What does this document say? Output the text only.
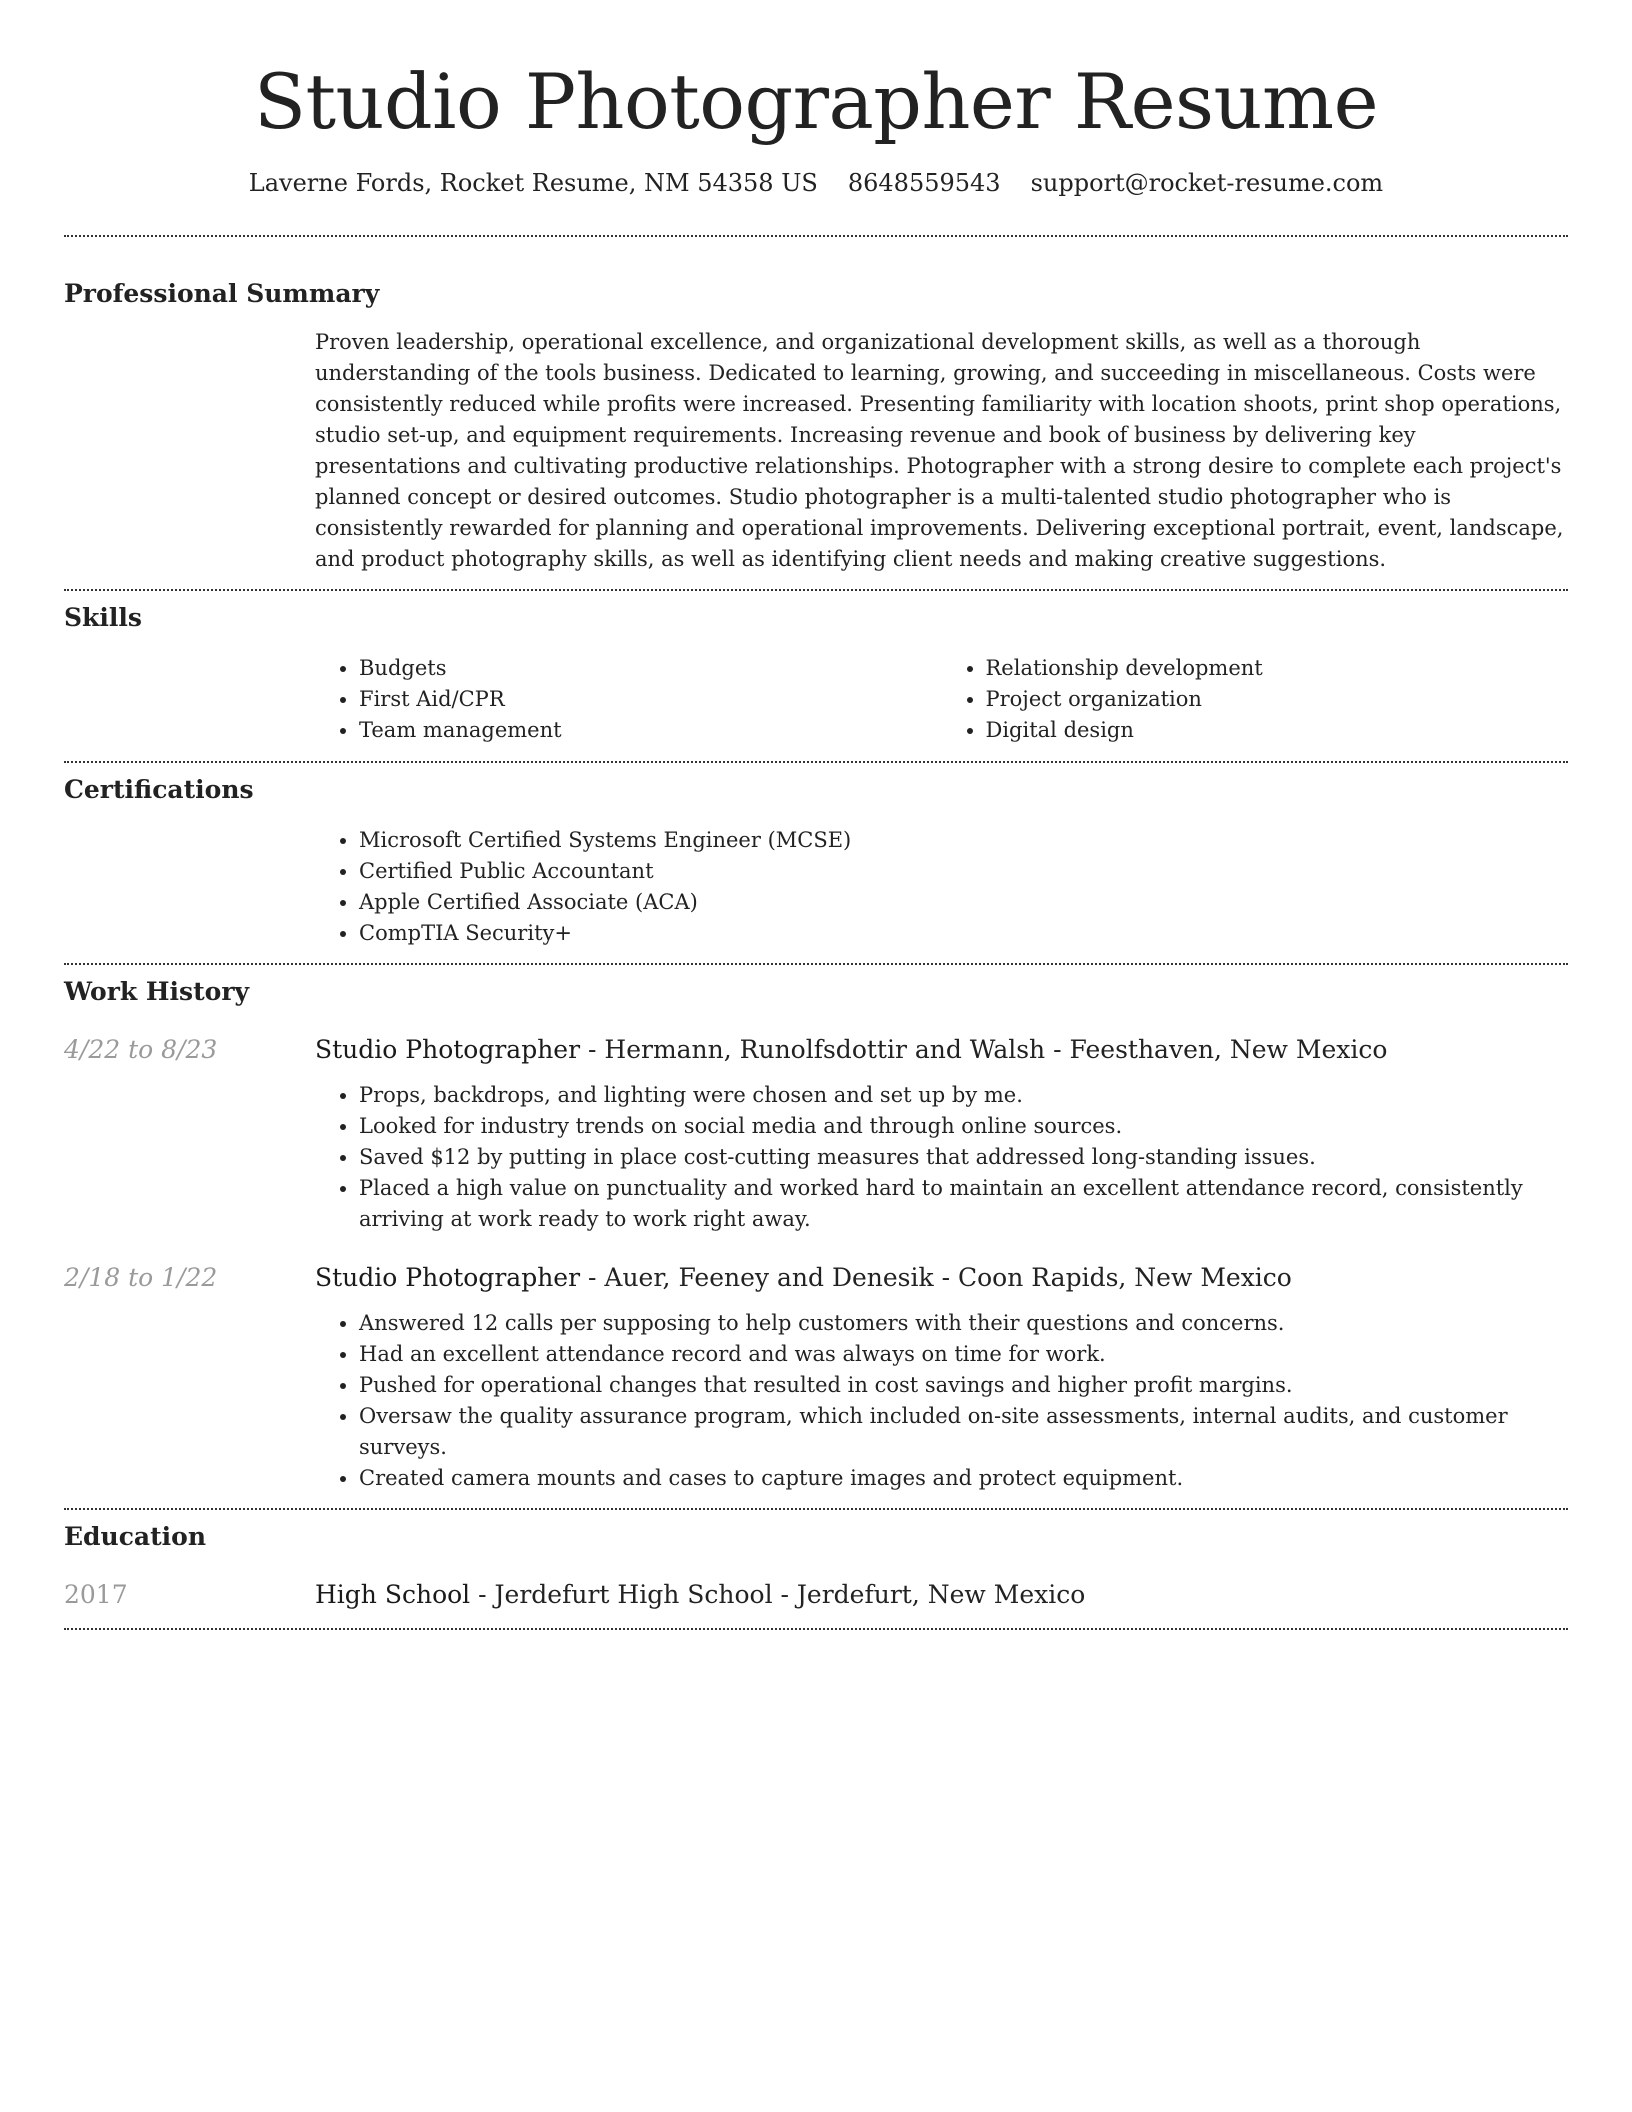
Studio Photographer Resume
Laverne Fords, Rocket Resume, NM 54358 US 8648559543 support@rocket-resume.com
Professional Summary

Proven leadership, operational excellence, and organizational development skills, as well as a thorough understanding of the tools business. Dedicated to learning, growing, and succeeding in miscellaneous. Costs were consistently reduced while profits were increased. Presenting familiarity with location shoots, print shop operations, studio set-up, and equipment requirements. Increasing revenue and book of business by delivering key presentations and cultivating productive relationships. Photographer with a strong desire to complete each project's planned concept or desired outcomes. Studio photographer is a multi-talented studio photographer who is consistently rewarded for planning and operational improvements. Delivering exceptional portrait, event, landscape, and product photography skills, as well as identifying client needs and making creative suggestions.

Skills
• Budgets
• First Aid/CPR
• Team management
• Relationship development
• Project organization
• Digital design
Certifications
• Microsoft Certified Systems Engineer (MCSE)
• Certified Public Accountant
• Apple Certified Associate (ACA)
• CompTIA Security+
Work History
4/22 to 8/23	Studio Photographer - Hermann, Runolfsdottir and Walsh - Feesthaven, New Mexico
• Props, backdrops, and lighting were chosen and set up by me.
• Looked for industry trends on social media and through online sources.
• Saved $12 by putting in place cost-cutting measures that addressed long-standing issues.
• Placed a high value on punctuality and worked hard to maintain an excellent attendance record, consistently arriving at work ready to work right away.
2/18 to 1/22	Studio Photographer - Auer, Feeney and Denesik - Coon Rapids, New Mexico
• Answered 12 calls per supposing to help customers with their questions and concerns.
• Had an excellent attendance record and was always on time for work.
• Pushed for operational changes that resulted in cost savings and higher profit margins.
• Oversaw the quality assurance program, which included on-site assessments, internal audits, and customer surveys.
• Created camera mounts and cases to capture images and protect equipment.
Education
2017	High School - Jerdefurt High School - Jerdefurt, New Mexico
